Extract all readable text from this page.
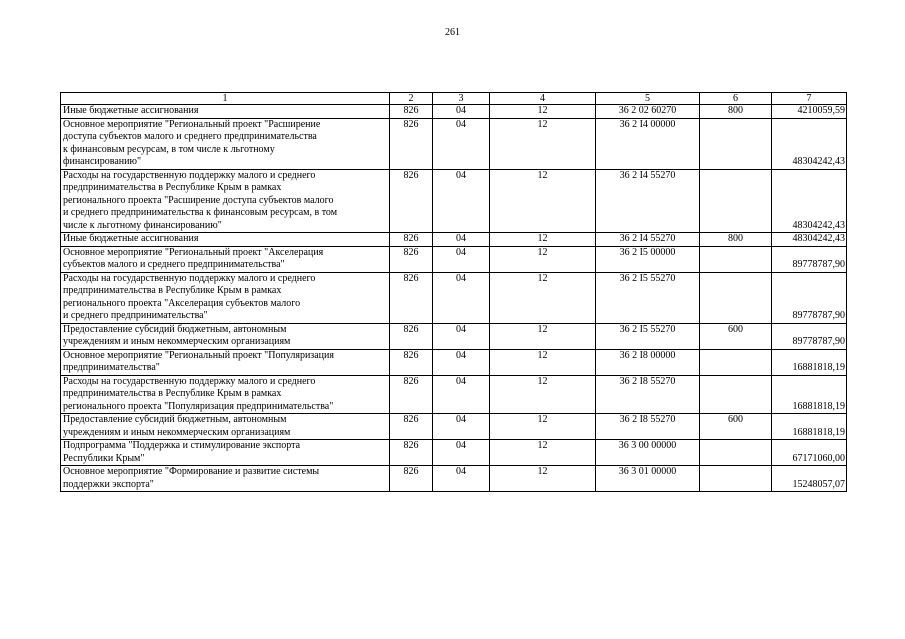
261
1	2	3	4	5	6	7

Иные бюджетные ассигнования	826	04	12	36 2 02 60270	800	4210059,59

Основное мероприятие "Региональный проект "Расширение
доступа субъектов малого и среднего предпринимательства
к финансовым ресурсам, в том числе к льготному
финансированию"	826	04	12	36 2 I4 00000		48304242,43

Расходы на государственную поддержку малого и среднего
предпринимательства в Республике Крым в рамках
регионального проекта "Расширение доступа субъектов малого
и среднего предпринимательства к финансовым ресурсам, в том
числе к льготному финансированию"	826	04	12	36 2 I4 55270		48304242,43

Иные бюджетные ассигнования	826	04	12	36 2 I4 55270	800	48304242,43

Основное мероприятие "Региональный проект "Акселерация
субъектов малого и среднего предпринимательства"	826	04	12	36 2 I5 00000		89778787,90

Расходы на государственную поддержку малого и среднего
предпринимательства в Республике Крым в рамках
регионального проекта "Акселерация субъектов малого
и среднего предпринимательства"	826	04	12	36 2 I5 55270		89778787,90

Предоставление субсидий бюджетным, автономным
учреждениям и иным некоммерческим организациям	826	04	12	36 2 I5 55270	600	89778787,90

Основное мероприятие "Региональный проект "Популяризация
предпринимательства"	826	04	12	36 2 I8 00000		16881818,19

Расходы на государственную поддержку малого и среднего
предпринимательства в Республике Крым в рамках
регионального проекта "Популяризация предпринимательства"	826	04	12	36 2 I8 55270		16881818,19

Предоставление субсидий бюджетным, автономным
учреждениям и иным некоммерческим организациям	826	04	12	36 2 I8 55270	600	16881818,19

Подпрограмма "Поддержка и стимулирование экспорта
Республики Крым"	826	04	12	36 3 00 00000		67171060,00

Основное мероприятие "Формирование и развитие системы
поддержки экспорта"	826	04	12	36 3 01 00000		15248057,07
